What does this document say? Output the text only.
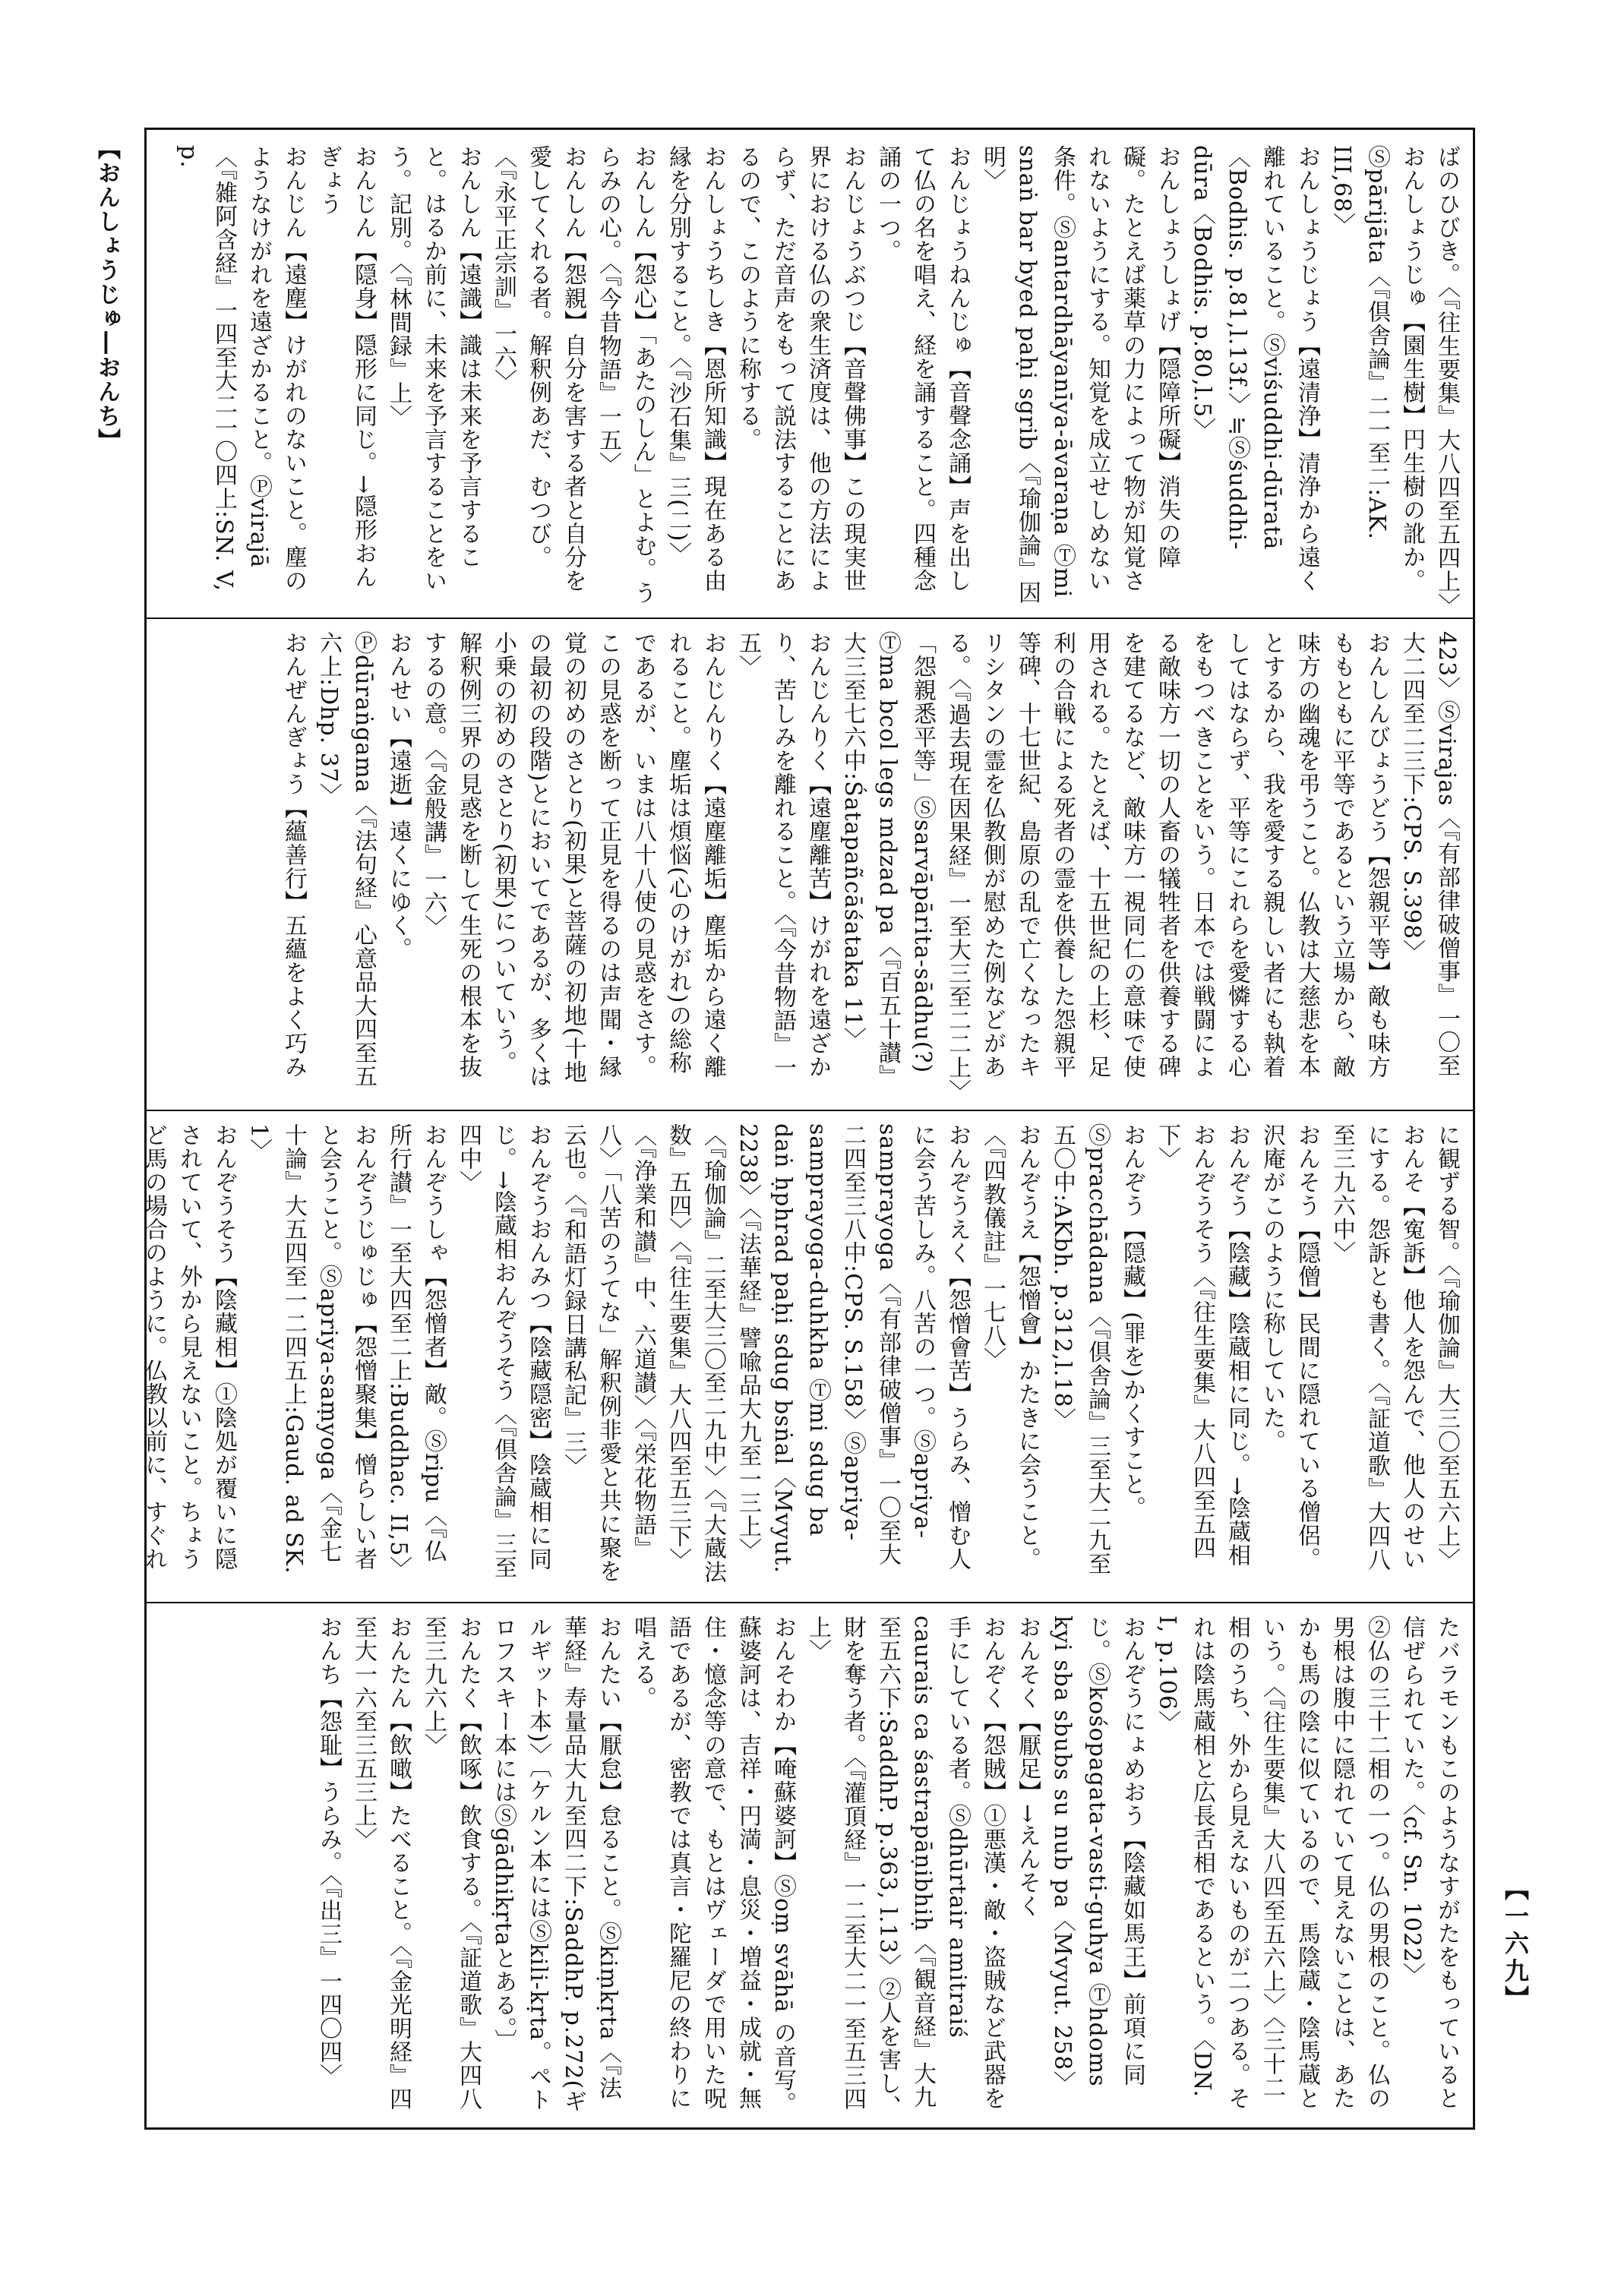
【おんしょうじゅ―おんち】
【一六九】

ばのひびき。〈『往生要集』大八四至五四上〉

おんしょうじゅ【園生樹】円生樹の訛か。Ⓢpārijāta〈『倶舎論』二一至二:AK. III,68〉

おんしょうじょう【遠清浄】清浄から遠く離れていること。Ⓢviśuddhi-dūratā〈Bodhis. p.81,l.13f.〉≒Ⓢśuddhi-dūra〈Bodhis. p.80,l.5〉

おんしょうしょげ【隠障所礙】消失の障礙。たとえば薬草の力によって物が知覚されないようにする。知覚を成立せしめない条件。Ⓢantardhāyanīya-āvaraṇa Ⓣmi snaṅ bar byed paḥi sgrib〈『瑜伽論』因明〉

おんじょうねんじゅ【音聲念誦】声を出して仏の名を唱え、経を誦すること。四種念誦の一つ。

おんじょうぶつじ【音聲佛事】この現実世界における仏の衆生済度は、他の方法によらず、ただ音声をもって説法することにあるので、このように称する。

おんしょうちしき【恩所知識】現在ある由縁を分別すること。〈『沙石集』三(二)〉

おんしん【怨心】「あたのしん」とよむ。うらみの心。〈『今昔物語』一五〉

おんしん【怨親】自分を害する者と自分を愛してくれる者。解釈例あだ、むつび。〈『永平正宗訓』一六〉

おんしん【遠識】識は未来を予言すること。はるか前に、未来を予言することをいう。記別。〈『林間録』上〉

おんじん【隠身】隠形に同じ。→隠形おんぎょう

おんじん【遠塵】けがれのないこと。塵のようなけがれを遠ざかること。Ⓟvirajā〈『雑阿含経』一四至大二一〇四上:SN. V, p.

423〉Ⓢvirajas〈『有部律破僧事』一〇至大二四至二三下:CPS. S.398〉

おんしんびょうどう【怨親平等】敵も味方ももともに平等であるという立場から、敵味方の幽魂を弔うこと。仏教は大慈悲を本とするから、我を愛する親しい者にも執着してはならず、平等にこれらを愛憐する心をもつべきことをいう。日本では戦闘による敵味方一切の人畜の犠牲者を供養する碑を建てるなど、敵味方一視同仁の意味で使用される。たとえば、十五世紀の上杉、足利の合戦による死者の霊を供養した怨親平等碑、十七世紀、島原の乱で亡くなったキリシタンの霊を仏教側が慰めた例などがある。〈『過去現在因果経』一至大三至二二上〉「怨親悉平等」Ⓢsarvāpārita-sādhu(?) Ⓣma bcol legs mdzad pa〈『百五十讃』大三至七六中:Śatapañcāśataka 11〉

おんじんりく【遠塵離苦】けがれを遠ざかり、苦しみを離れること。〈『今昔物語』一五〉

おんじんりく【遠塵離垢】塵垢から遠く離れること。塵垢は煩悩(心のけがれ)の総称であるが、いまは八十八使の見惑をさす。この見惑を断って正見を得るのは声聞・縁覚の初めのさとり(初果)と菩薩の初地(十地の最初の段階)とにおいてであるが、多くは小乗の初めのさとり(初果)についていう。

解釈例三界の見惑を断して生死の根本を抜するの意。〈『金般講』一六〉

おんせい【遠逝】遠くにゆく。Ⓟdūraṅgama〈『法句経』心意品大四至五六上:Dhp. 37〉

おんぜんぎょう【蘊善行】五蘊をよく巧み

に観ずる智。〈『瑜伽論』大三〇至五六上〉

おんそ【寃訴】他人を怨んで、他人のせいにする。怨訴とも書く。〈『証道歌』大四八至三九六中〉

おんそう【隠僧】民間に隠れている僧侶。沢庵がこのように称していた。

おんぞう【陰藏】陰蔵相に同じ。→陰蔵相おんぞうそう〈『往生要集』大八四至五四下〉

おんぞう【隠藏】(罪を)かくすこと。Ⓢpracchādana〈『倶舎論』三至大二九至五〇中:AKbh. p.312,l.18〉

おんぞうえ【怨憎會】かたきに会うこと。〈『四教儀註』一七八〉

おんぞうえく【怨憎會苦】うらみ、憎む人に会う苦しみ。八苦の一つ。Ⓢapriya-samprayoga〈『有部律破僧事』一〇至大二四至三八中:CPS. S.158〉Ⓢapriya-samprayoga-duhkha Ⓣmi sdug ba daṅ ḥphrad paḥi sdug bsṅal〈Mvyut. 2238〉〈『法華経』譬喩品大九至一三上〉〈『瑜伽論』二至大三〇至二九中〉〈『大蔵法数』五四〉〈『往生要集』大八四至五三下〉〈『浄業和讃』中、六道讃〉〈『栄花物語』八〉「八苦のうてな」解釈例非愛と共に聚を云也。〈『和語灯録日講私記』三〉

おんぞうおんみつ【陰藏隠密】陰蔵相に同じ。→陰蔵相おんぞうそう〈『倶舎論』三至四中〉

おんぞうしゃ【怨憎者】敵。Ⓢripu〈『仏所行讃』一至大四至二上:Buddhac. II,5〉

おんぞうじゅじゅ【怨憎聚集】憎らしい者と会うこと。Ⓢapriya-saṃyoga〈『金七十論』大五四至一二四五上:Gaud. ad SK. 1〉

おんぞうそう【陰藏相】①陰処が覆いに隠されていて、外から見えないこと。ちょうど馬の場合のように。仏教以前に、すぐれ

たバラモンもこのようなすがたをもっていると信ぜられていた。〈cf. Sn. 1022〉

②仏の三十二相の一つ。仏の男根のこと。仏の男根は腹中に隠れていて見えないことは、あたかも馬の陰に似ているので、馬陰蔵・陰馬蔵という。〈『往生要集』大八四至五六上〉〈三十二相のうち、外から見えないものが二つある。それは陰馬蔵相と広長舌相であるという。〈DN. I, p.106〉

おんぞうにょめおう【陰藏如馬王】前項に同じ。Ⓢkośopagata-vasti-guhya Ⓣhdoms kyi sba sbubs su nub pa〈Mvyut. 258〉

おんそく【厭足】→えんそく

おんぞく【怨賊】①悪漢・敵・盗賊など武器を手にしている者。Ⓢdhūrtair amitraiś caurais ca śastrapāṇibhiḥ〈『観音経』大九至五六下:SaddhP. p.363, l.13〉②人を害し、財を奪う者。〈『灌頂経』一二至大二一至五三四上〉

おんそわか【唵蘇婆訶】Ⓢoṃ svāhā の音写。蘇婆訶は、吉祥・円満・息災・増益・成就・無住・憶念等の意で、もとはヴェーダで用いた呪語であるが、密教では真言・陀羅尼の終わりに唱える。

おんたい【厭怠】怠ること。Ⓢkiṃkṛta〈『法華経』寿量品大九至四二下:SaddhP. p.272(ギルギット本)〉〔ケルン本にはⓈkili-kṛta。ペトロフスキー本にはⓈgādhikṛtaとある。〕

おんたく【飲啄】飲食する。〈『証道歌』大四八至三九六上〉

おんたん【飲噉】たべること。〈『金光明経』四至大一六至三五三上〉

おんち【怨耻】うらみ。〈『出三』一四〇四〉
